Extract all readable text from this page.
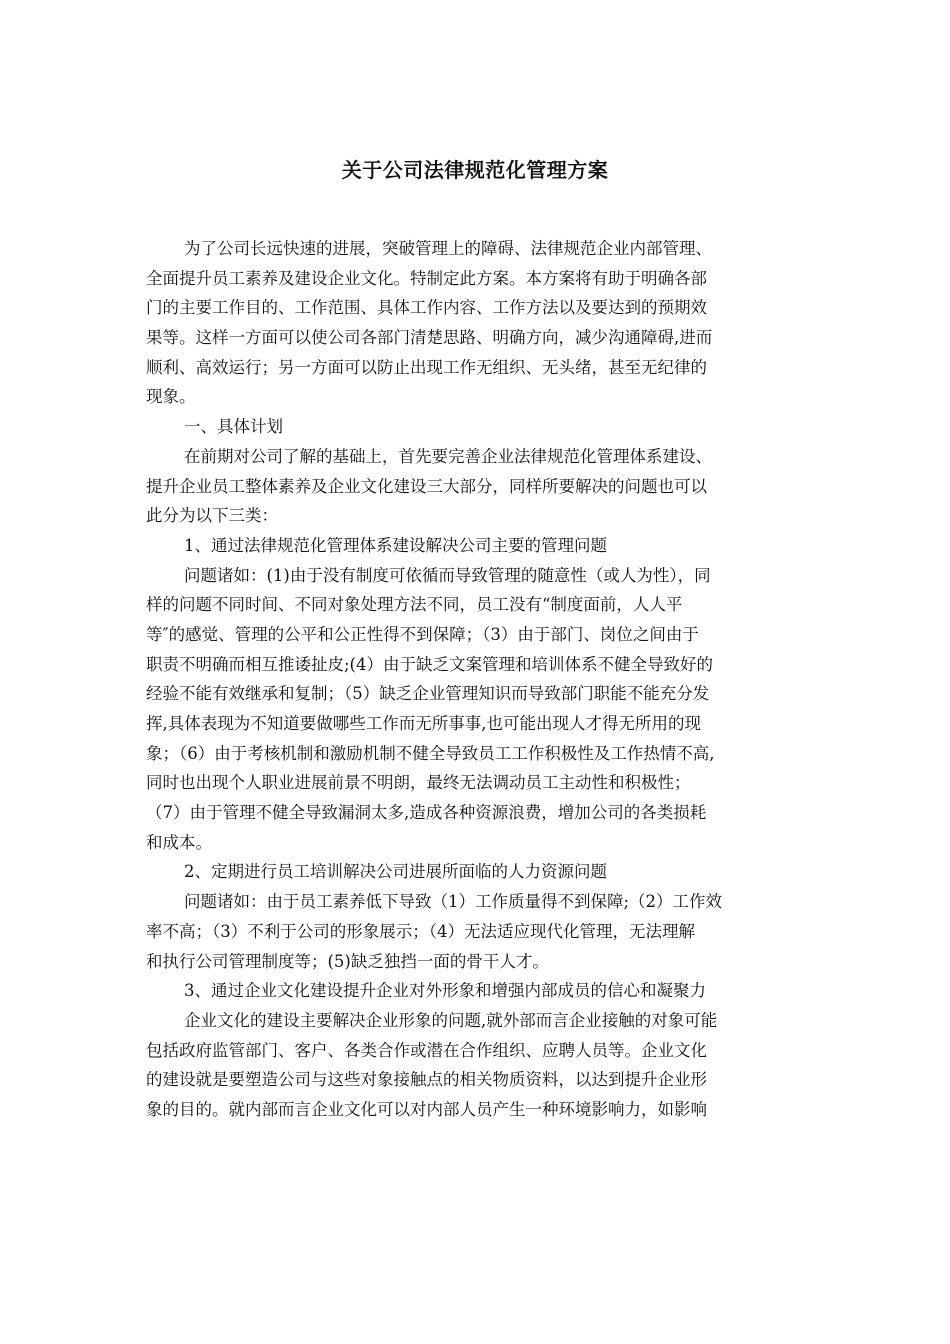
关于公司法律规范化管理方案
为了公司长远快速的进展，突破管理上的障碍、法律规范企业内部管理、
全面提升员工素养及建设企业文化。特制定此方案。本方案将有助于明确各部
门的主要工作目的、工作范围、具体工作内容、工作方法以及要达到的预期效
果等。这样一方面可以使公司各部门清楚思路、明确方向，减少沟通障碍,进而
顺利、高效运行；另一方面可以防止出现工作无组织、无头绪，甚至无纪律的
现象。
一、具体计划
在前期对公司了解的基础上，首先要完善企业法律规范化管理体系建设、
提升企业员工整体素养及企业文化建设三大部分，同样所要解决的问题也可以
此分为以下三类：
1、通过法律规范化管理体系建设解决公司主要的管理问题
问题诸如：(1)由于没有制度可依循而导致管理的随意性（或人为性），同
样的问题不同时间、不同对象处理方法不同，员工没有“制度面前，人人平
等″的感觉、管理的公平和公正性得不到保障；（3）由于部门、岗位之间由于
职责不明确而相互推诿扯皮;(4）由于缺乏文案管理和培训体系不健全导致好的
经验不能有效继承和复制；（5）缺乏企业管理知识而导致部门职能不能充分发
挥,具体表现为不知道要做哪些工作而无所事事,也可能出现人才得无所用的现
象；（6）由于考核机制和激励机制不健全导致员工工作积极性及工作热情不高,
同时也出现个人职业进展前景不明朗，最终无法调动员工主动性和积极性；
（7）由于管理不健全导致漏洞太多,造成各种资源浪费，增加公司的各类损耗
和成本。
2、定期进行员工培训解决公司进展所面临的人力资源问题
问题诸如：由于员工素养低下导致（1）工作质量得不到保障;（2）工作效
率不高；（3）不利于公司的形象展示；（4）无法适应现代化管理，无法理解
和执行公司管理制度等；(5)缺乏独挡一面的骨干人才。
3、通过企业文化建设提升企业对外形象和增强内部成员的信心和凝聚力
企业文化的建设主要解决企业形象的问题,就外部而言企业接触的对象可能
包括政府监管部门、客户、各类合作或潜在合作组织、应聘人员等。企业文化
的建设就是要塑造公司与这些对象接触点的相关物质资料，以达到提升企业形
象的目的。就内部而言企业文化可以对内部人员产生一种环境影响力，如影响
